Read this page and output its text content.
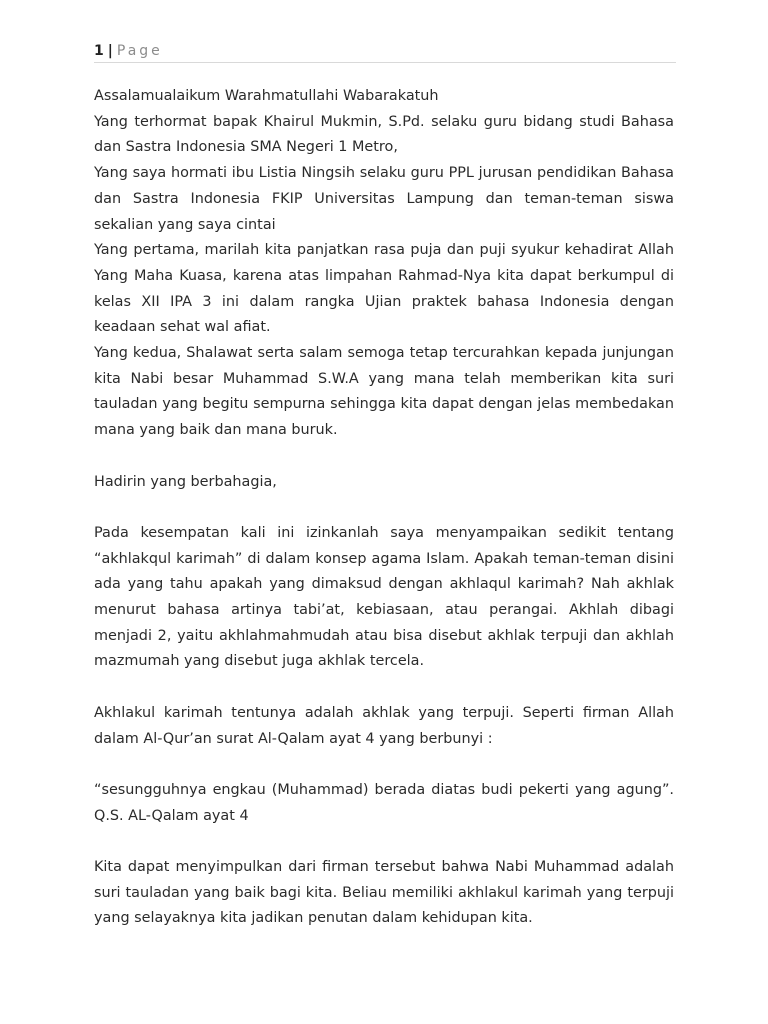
1 | Page

Assalamualaikum Warahmatullahi Wabarakatuh

Yang terhormat bapak Khairul Mukmin, S.Pd. selaku guru bidang studi Bahasa dan Sastra Indonesia SMA Negeri 1 Metro,

Yang saya hormati ibu Listia Ningsih selaku guru PPL jurusan pendidikan Bahasa dan Sastra Indonesia FKIP Universitas Lampung dan teman-teman siswa sekalian yang saya cintai

Yang pertama, marilah kita panjatkan rasa puja dan puji syukur kehadirat Allah Yang Maha Kuasa, karena atas limpahan Rahmad-Nya kita dapat berkumpul di kelas XII IPA 3 ini dalam rangka Ujian praktek bahasa Indonesia dengan keadaan sehat wal afiat.

Yang kedua, Shalawat serta salam semoga tetap tercurahkan kepada junjungan kita Nabi besar Muhammad S.W.A yang mana telah memberikan kita suri tauladan yang begitu sempurna sehingga kita dapat dengan jelas membedakan mana yang baik dan mana buruk.

Hadirin yang berbahagia,

Pada kesempatan kali ini izinkanlah saya menyampaikan sedikit tentang “akhlakqul karimah” di dalam konsep agama Islam. Apakah teman-teman disini ada yang tahu apakah yang dimaksud dengan akhlaqul karimah? Nah akhlak menurut bahasa artinya tabi’at, kebiasaan, atau perangai. Akhlah dibagi menjadi 2, yaitu akhlahmahmudah atau bisa disebut akhlak terpuji dan akhlah mazmumah yang disebut juga akhlak tercela.

Akhlakul karimah tentunya adalah akhlak yang terpuji. Seperti firman Allah dalam Al-Qur’an surat Al-Qalam ayat 4 yang berbunyi :

“sesungguhnya engkau (Muhammad) berada diatas budi pekerti yang agung”. Q.S. AL-Qalam ayat 4

Kita dapat menyimpulkan dari firman tersebut bahwa Nabi Muhammad adalah suri tauladan yang baik bagi kita. Beliau memiliki akhlakul karimah yang terpuji yang selayaknya kita jadikan penutan dalam kehidupan kita.
